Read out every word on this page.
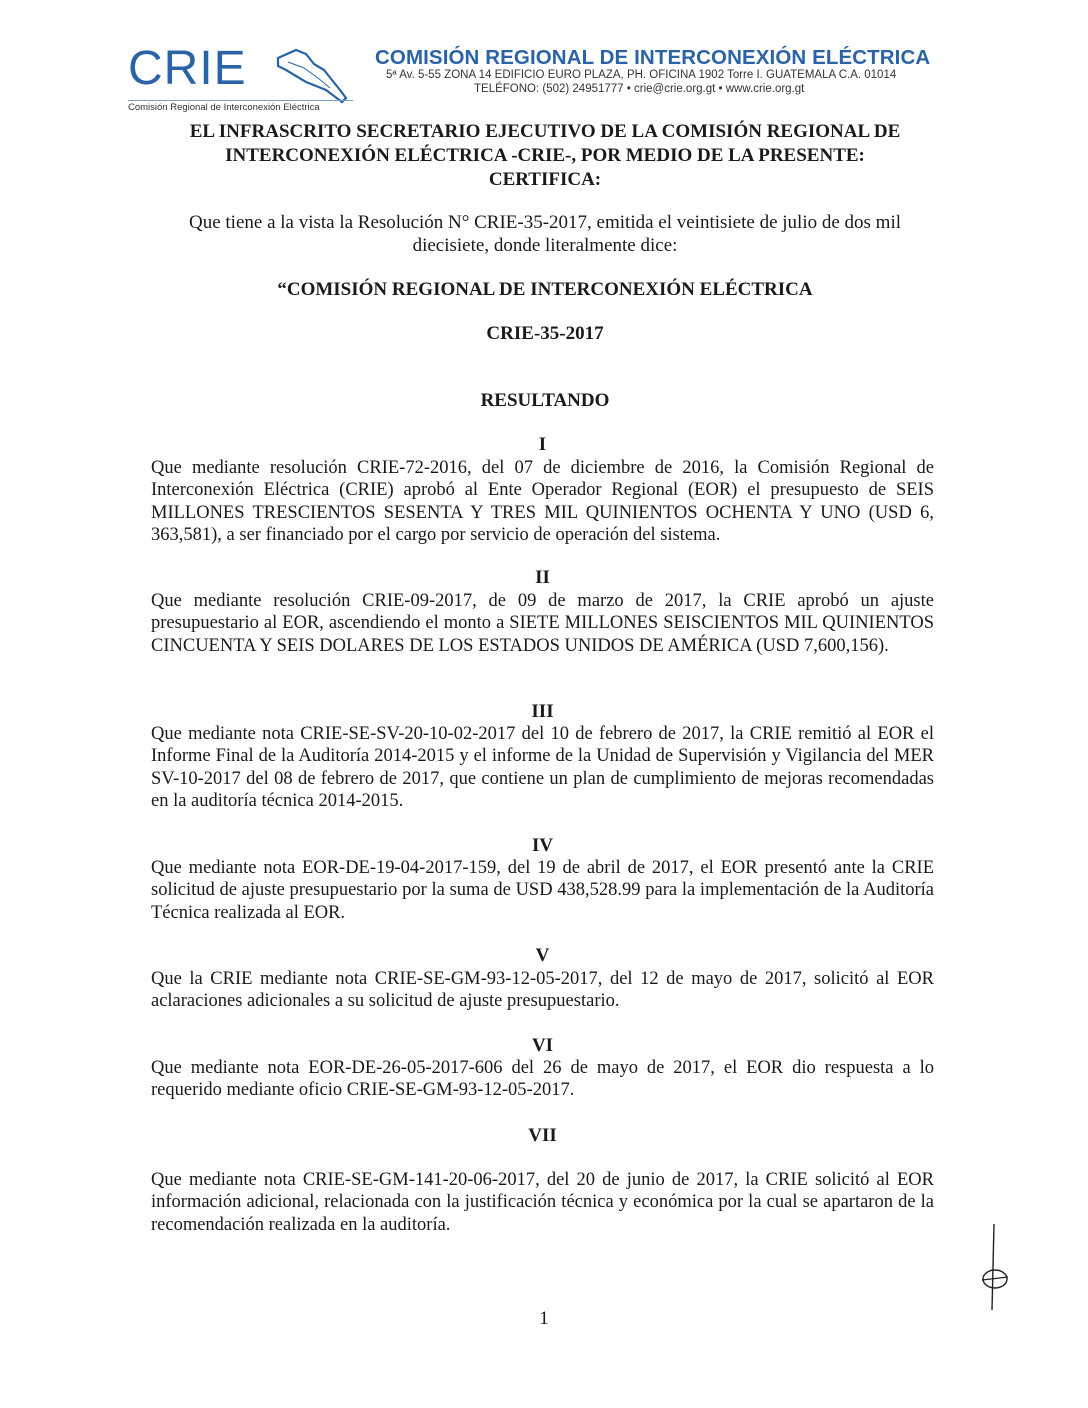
CRIE
Comisión Regional de Interconexión Eléctrica
COMISIÓN REGIONAL DE INTERCONEXIÓN ELÉCTRICA
5ª Av. 5-55 ZONA 14 EDIFICIO EURO PLAZA, PH. OFICINA 1902 Torre I. GUATEMALA C.A. 01014
TELÉFONO: (502) 24951777 • crie@crie.org.gt • www.crie.org.gt
EL INFRASCRITO SECRETARIO EJECUTIVO DE LA COMISIÓN REGIONAL DE
INTERCONEXIÓN ELÉCTRICA -CRIE-, POR MEDIO DE LA PRESENTE:
CERTIFICA:
Que tiene a la vista la Resolución N° CRIE-35-2017, emitida el veintisiete de julio de dos mil
diecisiete, donde literalmente dice:
“COMISIÓN REGIONAL DE INTERCONEXIÓN ELÉCTRICA
CRIE-35-2017
RESULTANDO
I
Que mediante resolución CRIE-72-2016, del 07 de diciembre de 2016, la Comisión Regional de Interconexión Eléctrica (CRIE) aprobó al Ente Operador Regional (EOR) el presupuesto de SEIS MILLONES TRESCIENTOS SESENTA Y TRES MIL QUINIENTOS OCHENTA Y UNO (USD 6, 363,581), a ser financiado por el cargo por servicio de operación del sistema.
II
Que mediante resolución CRIE-09-2017, de 09 de marzo de 2017, la CRIE aprobó un ajuste presupuestario al EOR, ascendiendo el monto a SIETE MILLONES SEISCIENTOS MIL QUINIENTOS CINCUENTA Y SEIS DOLARES DE LOS ESTADOS UNIDOS DE AMÉRICA (USD 7,600,156).
III
Que mediante nota CRIE-SE-SV-20-10-02-2017 del 10 de febrero de 2017, la CRIE remitió al EOR el Informe Final de la Auditoría 2014-2015 y el informe de la Unidad de Supervisión y Vigilancia del MER SV-10-2017 del 08 de febrero de 2017, que contiene un plan de cumplimiento de mejoras recomendadas en la auditoría técnica 2014-2015.
IV
Que mediante nota EOR-DE-19-04-2017-159, del 19 de abril de 2017, el EOR presentó ante la CRIE solicitud de ajuste presupuestario por la suma de USD 438,528.99 para la implementación de la Auditoría Técnica realizada al EOR.
V
Que la CRIE mediante nota CRIE-SE-GM-93-12-05-2017, del 12 de mayo de 2017, solicitó al EOR aclaraciones adicionales a su solicitud de ajuste presupuestario.
VI
Que mediante nota EOR-DE-26-05-2017-606 del 26 de mayo de 2017, el EOR dio respuesta a lo requerido mediante oficio CRIE-SE-GM-93-12-05-2017.
VII
Que mediante nota CRIE-SE-GM-141-20-06-2017, del 20 de junio de 2017, la CRIE solicitó al EOR información adicional, relacionada con la justificación técnica y económica por la cual se apartaron de la recomendación realizada en la auditoría.
1
